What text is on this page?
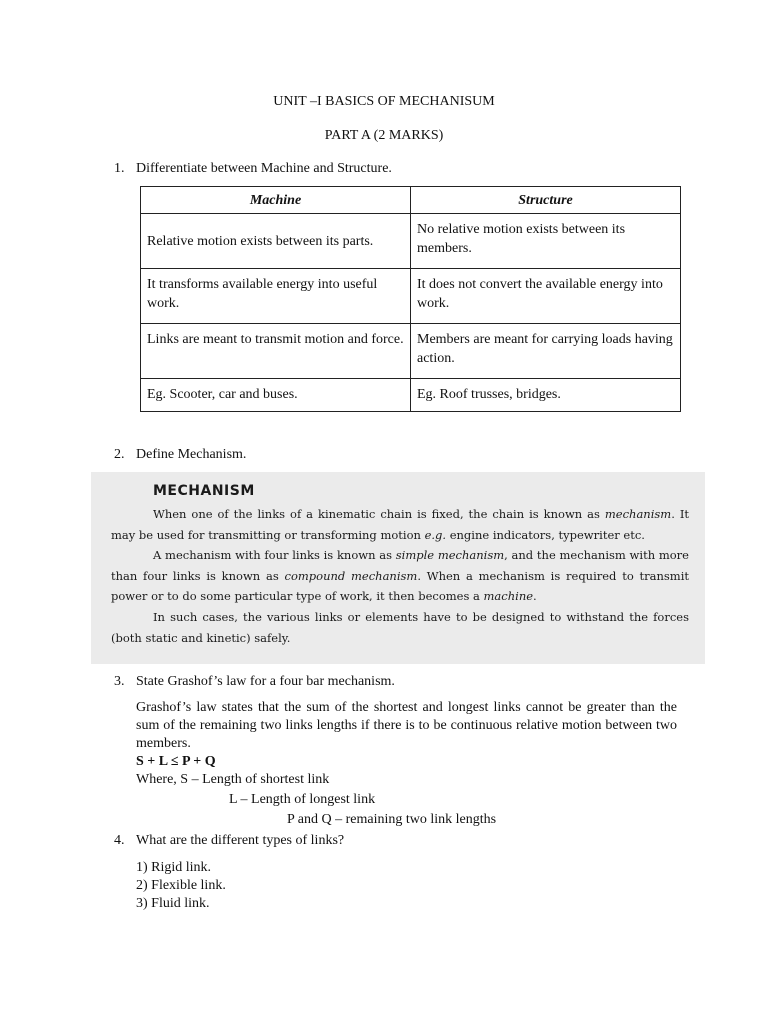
UNIT –I BASICS OF MECHANISUM
PART A (2 MARKS)
1. Differentiate between Machine and Structure.
Machine	Structure
Relative motion exists between its parts.	No relative motion exists between its members.
It transforms available energy into useful work.	It does not convert the available energy into work.
Links are meant to transmit motion and force.	Members are meant for carrying loads having action.
Eg. Scooter, car and buses.	Eg. Roof trusses, bridges.
2. Define Mechanism.
MECHANISM
When one of the links of a kinematic chain is fixed, the chain is known as mechanism. It may be used for transmitting or transforming motion e.g. engine indicators, typewriter etc.
A mechanism with four links is known as simple mechanism, and the mechanism with more than four links is known as compound mechanism. When a mechanism is required to transmit power or to do some particular type of work, it then becomes a machine.
In such cases, the various links or elements have to be designed to withstand the forces (both static and kinetic) safely.
3. State Grashof’s law for a four bar mechanism.
Grashof’s law states that the sum of the shortest and longest links cannot be greater than the sum of the remaining two links lengths if there is to be continuous relative motion between two members.
S + L ≤ P + Q
Where, S – Length of shortest link
L – Length of longest link
P and Q – remaining two link lengths
4. What are the different types of links?
1) Rigid link.
2) Flexible link.
3) Fluid link.
